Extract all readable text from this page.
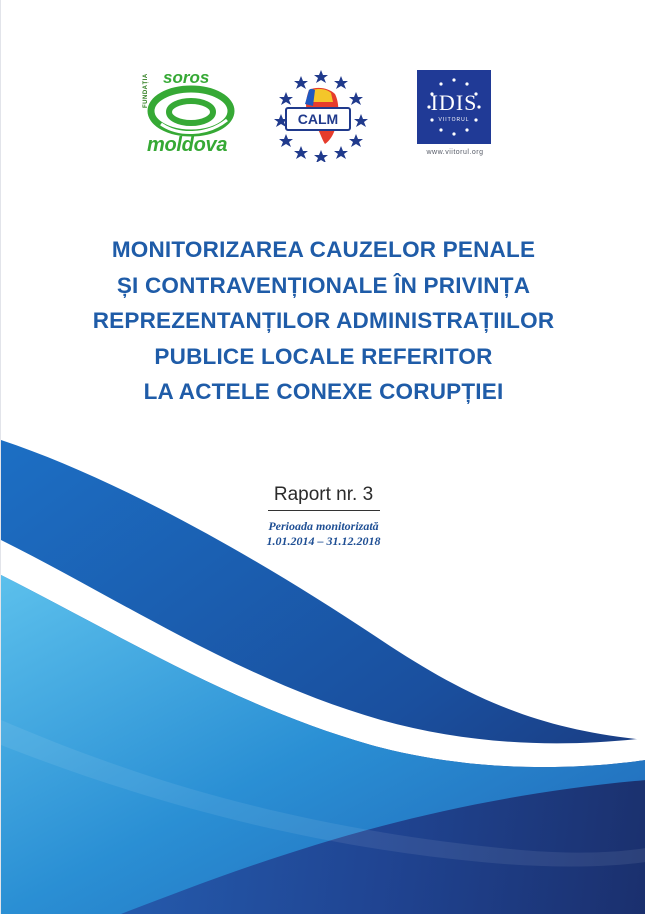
FUNDAȚIA soros
moldova
CALM
IDIS
VIITORUL
www.viitorul.org
MONITORIZAREA CAUZELOR PENALE
ȘI CONTRAVENȚIONALE ÎN PRIVINȚA
REPREZENTANȚILOR ADMINISTRAȚIILOR
PUBLICE LOCALE REFERITOR
LA ACTELE CONEXE CORUPȚIEI
Raport nr. 3
Perioada monitorizată
1.01.2014 – 31.12.2018
